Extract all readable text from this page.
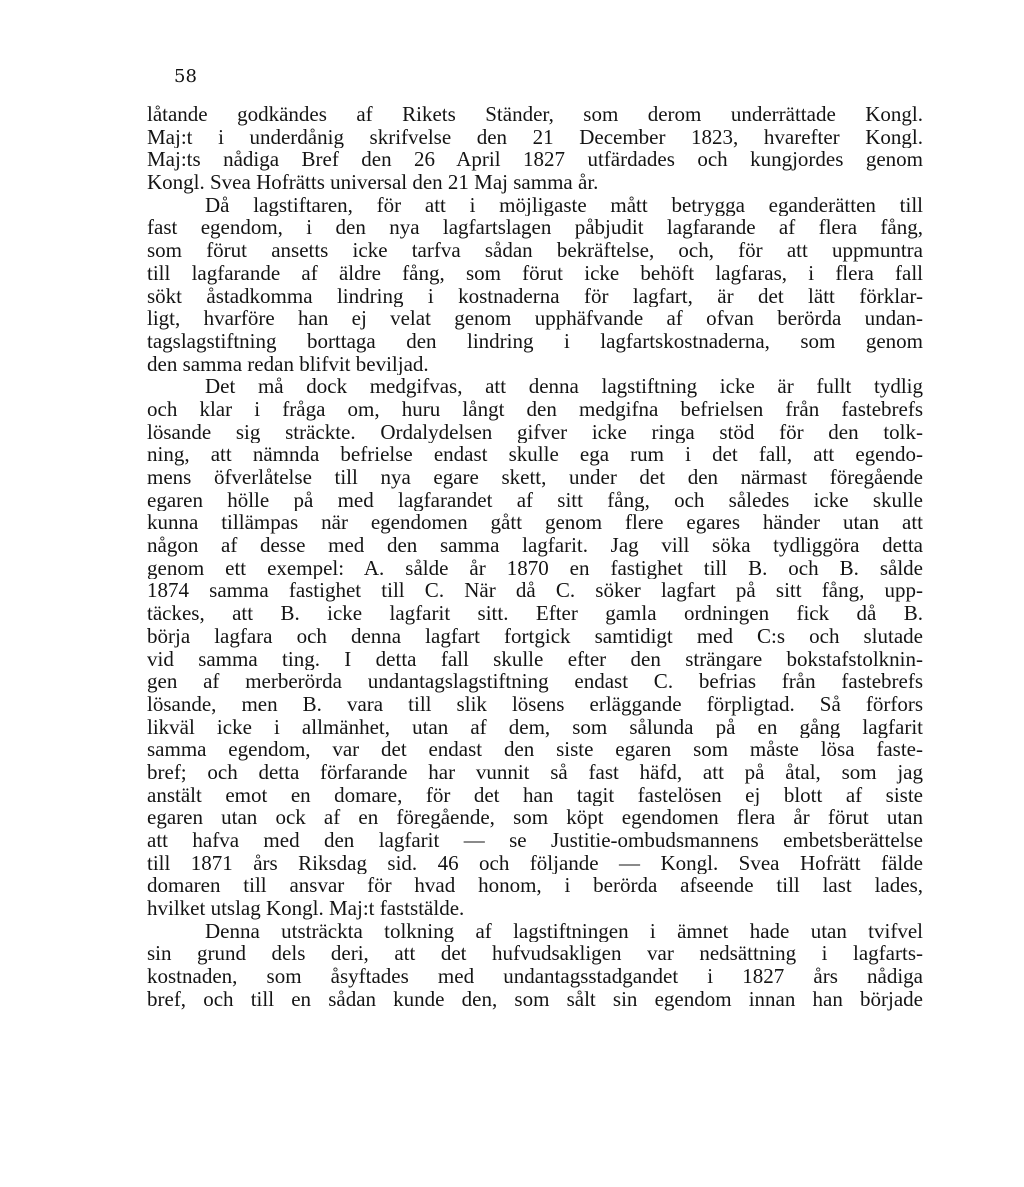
58
låtande godkändes af Rikets Ständer, som derom underrättade Kongl.
Maj:t i underdånig skrifvelse den 21 December 1823, hvarefter Kongl.
Maj:ts nådiga Bref den 26 April 1827 utfärdades och kungjordes genom
Kongl. Svea Hofrätts universal den 21 Maj samma år.
Då lagstiftaren, för att i möjligaste mått betrygga eganderätten till
fast egendom, i den nya lagfartslagen påbjudit lagfarande af flera fång,
som förut ansetts icke tarfva sådan bekräftelse, och, för att uppmuntra
till lagfarande af äldre fång, som förut icke behöft lagfaras, i flera fall
sökt åstadkomma lindring i kostnaderna för lagfart, är det lätt förklar-
ligt, hvarföre han ej velat genom upphäfvande af ofvan berörda undan-
tagslagstiftning borttaga den lindring i lagfartskostnaderna, som genom
den samma redan blifvit beviljad.
Det må dock medgifvas, att denna lagstiftning icke är fullt tydlig
och klar i fråga om, huru långt den medgifna befrielsen från fastebrefs
lösande sig sträckte. Ordalydelsen gifver icke ringa stöd för den tolk-
ning, att nämnda befrielse endast skulle ega rum i det fall, att egendo-
mens öfverlåtelse till nya egare skett, under det den närmast föregående
egaren hölle på med lagfarandet af sitt fång, och således icke skulle
kunna tillämpas när egendomen gått genom flere egares händer utan att
någon af desse med den samma lagfarit. Jag vill söka tydliggöra detta
genom ett exempel: A. sålde år 1870 en fastighet till B. och B. sålde
1874 samma fastighet till C. När då C. söker lagfart på sitt fång, upp-
täckes, att B. icke lagfarit sitt. Efter gamla ordningen fick då B.
börja lagfara och denna lagfart fortgick samtidigt med C:s och slutade
vid samma ting. I detta fall skulle efter den strängare bokstafstolknin-
gen af merberörda undantagslagstiftning endast C. befrias från fastebrefs
lösande, men B. vara till slik lösens erläggande förpligtad. Så förfors
likväl icke i allmänhet, utan af dem, som sålunda på en gång lagfarit
samma egendom, var det endast den siste egaren som måste lösa faste-
bref; och detta förfarande har vunnit så fast häfd, att på åtal, som jag
anstält emot en domare, för det han tagit fastelösen ej blott af siste
egaren utan ock af en föregående, som köpt egendomen flera år förut utan
att hafva med den lagfarit — se Justitie-ombudsmannens embetsberättelse
till 1871 års Riksdag sid. 46 och följande — Kongl. Svea Hofrätt fälde
domaren till ansvar för hvad honom, i berörda afseende till last lades,
hvilket utslag Kongl. Maj:t faststälde.
Denna utsträckta tolkning af lagstiftningen i ämnet hade utan tvifvel
sin grund dels deri, att det hufvudsakligen var nedsättning i lagfarts-
kostnaden, som åsyftades med undantagsstadgandet i 1827 års nådiga
bref, och till en sådan kunde den, som sålt sin egendom innan han började
